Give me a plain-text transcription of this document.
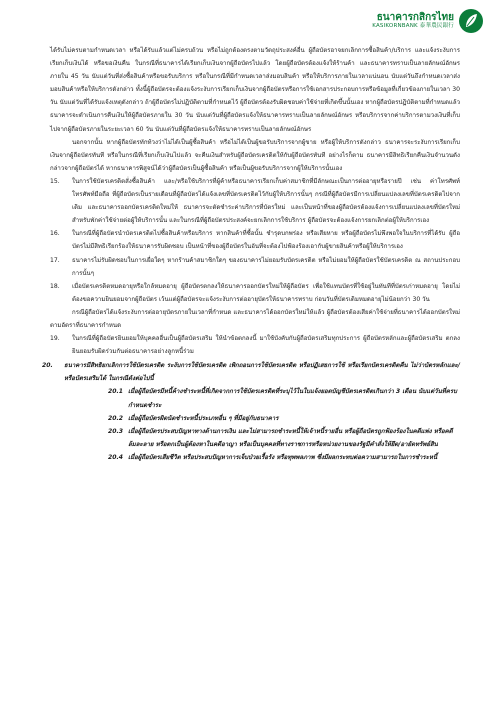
ธนาคารกสิกรไทย
KASIKORNBANK 泰華農民銀行

ได้รับไม่ครบตามกำหนดเวลา หรือได้รับแล้วแต่ไม่ครบถ้วน หรือไม่ถูกต้องตรงตามวัตถุประสงค์อื่น ผู้ถือบัตรอาจยกเลิกการซื้อสินค้า/บริการ และแจ้งระงับการเรียกเก็บเงินได้ หรือขอเงินคืน ในกรณีที่ธนาคารได้เรียกเก็บเงินจากผู้ถือบัตรไปแล้ว โดยผู้ถือบัตรต้องแจ้งให้ร้านค้า และธนาคารทราบเป็นลายลักษณ์อักษรภายใน 45 วัน นับแต่วันที่ส่งซื้อสินค้าหรือขอรับบริการ หรือในกรณีที่มีกำหนดเวลาส่งมอบสินค้า หรือให้บริการภายในเวลาแน่นอน นับแต่วันถึงกำหนดเวลาส่งมอบสินค้าหรือให้บริการดังกล่าว ทั้งนี้ผู้ถือบัตรจะต้องแจ้งระงับการเรียกเก็บเงินจากผู้ถือบัตรหรือการใช้เอกสารประกอบการหรือข้อมูลที่เกี่ยวข้องภายในเวลา 30 วัน นับแต่วันที่ได้รับแจ้งเหตุดังกล่าว ถ้าผู้ถือบัตรไม่ปฏิบัติตามที่กำหนดไว้ ผู้ถือบัตรต้องรับผิดชอบค่าใช้จ่ายที่เกิดขึ้นนั้นเอง หากผู้ถือบัตรปฏิบัติตามที่กำหนดแล้ว ธนาคารจะดำเนินการคืนเงินให้ผู้ถือบัตรภายใน 30 วัน นับแต่วันที่ผู้ถือบัตรแจ้งให้ธนาคารทราบเป็นลายลักษณ์อักษร หรือบริการจากค่าบริการตามวงเงินที่เก็บไปจากผู้ถือบัตรภายในระยะเวลา 60 วัน นับแต่วันที่ผู้ถือบัตรแจ้งให้ธนาคารทราบเป็นลายลักษณ์อักษร

นอกจากนั้น หากผู้ถือบัตรทักท้วงว่าไม่ได้เป็นผู้ซื้อสินค้า หรือไม่ได้เป็นผู้ขอรับบริการจากผู้ขาย หรือผู้ให้บริการดังกล่าว ธนาคารจะระงับการเรียกเก็บเงินจากผู้ถือบัตรทันที หรือในกรณีที่เรียกเก็บเงินไปแล้ว จะคืนเงินสำหรับผู้ถือบัตรเครดิตให้กับผู้ถือบัตรทันที อย่างไรก็ตาม ธนาคารมีสิทธิเรียกคืนเงินจำนวนดังกล่าวจากผู้ถือบัตรได้ หากธนาคารพิสูจน์ได้ว่าผู้ถือบัตรเป็นผู้ซื้อสินค้า หรือเป็นผู้ขอรับบริการจากผู้ให้บริการนั้นเอง

15.	ในการใช้บัตรเครดิตสั่งซื้อสินค้า และ/หรือใช้บริการที่ผู้ค้าหรือธนาคารเรียกเก็บค่าสมาชิกที่มีลักษณะเป็นการต่ออายุหรือรายปี เช่น ค่าโทรศัพท์ โทรศัพท์มือถือ ที่ผู้ถือบัตรเป็นรายเดือนที่ผู้ถือบัตรได้แจ้งเลขที่บัตรเครดิตไว้กับผู้ให้บริการนั้นๆ กรณีที่ผู้ถือบัตรมีการเปลี่ยนแปลงเลขที่บัตรเครดิตไปจากเดิม และธนาคารออกบัตรเครดิตใหม่ให้ ธนาคารจะตัดชำระค่าบริการที่บัตรใหม่ และเป็นหน้าที่ของผู้ถือบัตรต้องแจ้งการเปลี่ยนแปลงเลขที่บัตรใหม่ สำหรับพักค่าใช้จ่ายต่อผู้ให้บริการนั้น และในกรณีที่ผู้ถือบัตรประสงค์จะยกเลิกการใช้บริการ ผู้ถือบัตรจะต้องแจ้งการยกเลิกต่อผู้ให้บริการเอง
16.	ในกรณีที่ผู้ถือบัตรนำบัตรเครดิตไปซื้อสินค้าหรือบริการ หากสินค้าที่ซื้อนั้น ชำรุดบกพร่อง หรือเสียหาย หรือผู้ถือบัตรไม่พึงพอใจในบริการที่ได้รับ ผู้ถือบัตรไม่มีสิทธิเรียกร้องให้ธนาคารรับผิดชอบ เป็นหน้าที่ของผู้ถือบัตรในอันที่จะต้องไปฟ้องร้องเอากับผู้ขายสินค้าหรือผู้ให้บริการเอง
17.	ธนาคารไม่รับผิดชอบในการเผื่อใดๆ หากร้านค้าสมาชิกใดๆ ของธนาคารไม่ยอมรับบัตรเครดิต หรือไม่ยอมให้ผู้ถือบัตรใช้บัตรเครดิต ณ สถานประกอบการนั้นๆ
18.	เมื่อบัตรเครดิตหมดอายุหรือใกล้หมดอายุ ผู้ถือบัตรตกลงให้ธนาคารออกบัตรใหม่ให้ผู้ถือบัตร เพื่อใช้แทนบัตรที่ใช้อยู่ในทันทีที่บัตรเก่าหมดอายุ โดยไม่ต้องขอความยินยอมจากผู้ถือบัตร เว้นแต่ผู้ถือบัตรจะแจ้งระงับการต่ออายุบัตรให้ธนาคารทราบ ก่อนวันที่บัตรเดิมหมดอายุไม่น้อยกว่า 30 วัน

กรณีผู้ถือบัตรได้แจ้งระงับการต่ออายุบัตรภายในเวลาที่กำหนด และธนาคารได้ออกบัตรใหม่ให้แล้ว ผู้ถือบัตรต้องเสียค่าใช้จ่ายที่ธนาคารได้ออกบัตรใหม่ตามอัตราที่ธนาคารกำหนด

19.	ในกรณีที่ผู้ถือบัตรยินยอมให้บุคคลอื่นเป็นผู้ถือบัตรเสริม ให้นำข้อตกลงนี้ มาใช้บังคับกับผู้ถือบัตรเสริมทุกประการ ผู้ถือบัตรหลักและผู้ถือบัตรเสริม ตกลงยินยอมรับผิดร่วมกันต่อธนาคารอย่างลูกหนี้ร่วม
20.	ธนาคารมีสิทธิยกเลิกการใช้บัตรเครดิต ระงับการใช้บัตรเครดิต เพิกถอนการใช้บัตรเครดิต หรือปฏิเสธการใช้ หรือเรียกบัตรเครดิตคืน ไม่ว่าบัตรหลักและ/หรือบัตรเสริมได้ ในกรณีดังต่อไปนี้
20.1 เมื่อผู้ถือบัตรมีหนี้ค้างชำระหนี้ที่เกิดจากการใช้บัตรเครดิตที่ระบุไว้ในใบแจ้งยอดบัญชีบัตรเครดิตเกินกว่า 3 เดือน นับแต่วันที่ครบกำหนดชำระ
20.2 เมื่อผู้ถือบัตรผิดนัดชำระหนี้ประเภทอื่น ๆ ที่มีอยู่กับธนาคาร
20.3 เมื่อผู้ถือบัตรประสบปัญหาทางด้านการเงิน และไม่สามารถชำระหนี้ให้เจ้าหนี้รายอื่น หรือผู้ถือบัตรถูกฟ้องร้องในคดีแพ่ง หรือคดีล้มละลาย หรือตกเป็นผู้ต้องหาในคดีอาญา หรือเป็นบุคคลที่ทางราชการหรือหน่วยงานของรัฐมีคำสั่งให้ยึด/อายัดทรัพย์สิน
20.4 เมื่อผู้ถือบัตรเสียชีวิต หรือประสบปัญหาการเจ็บป่วยเรื้อรัง หรือทุพพลภาพ ซึ่งมีผลกระทบต่อความสามารถในการชำระหนี้
